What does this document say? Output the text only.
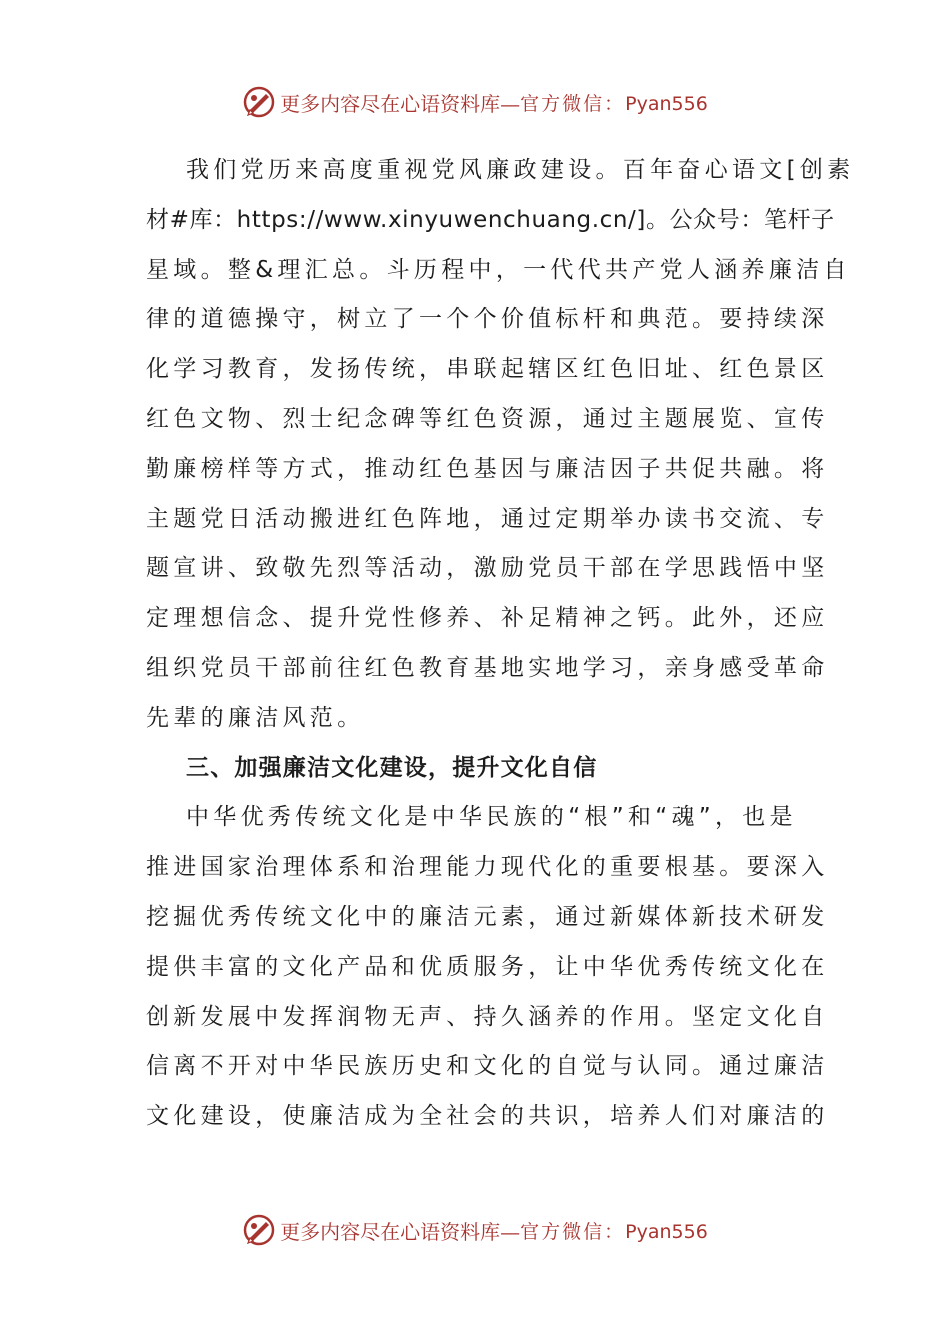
更多内容尽在心语资料库— 官方微信：Pyan556

我们党历来高度重视党风廉政建设。百年奋心语文[创素
材#库：https://www.xinyuwenchuang.cn/]。公众号：笔杆子
星域。整&理汇总。斗历程中，一代代共产党人涵养廉洁自
律的道德操守，树立了一个个价值标杆和典范。要持续深
化学习教育，发扬传统，串联起辖区红色旧址、红色景区
红色文物、烈士纪念碑等红色资源，通过主题展览、宣传
勤廉榜样等方式，推动红色基因与廉洁因子共促共融。将
主题党日活动搬进红色阵地，通过定期举办读书交流、专
题宣讲、致敬先烈等活动，激励党员干部在学思践悟中坚
定理想信念、提升党性修养、补足精神之钙。此外，还应
组织党员干部前往红色教育基地实地学习，亲身感受革命
先辈的廉洁风范。

三、加强廉洁文化建设，提升文化自信

中华优秀传统文化是中华民族的“根”和“魂”，也是
推进国家治理体系和治理能力现代化的重要根基。要深入
挖掘优秀传统文化中的廉洁元素，通过新媒体新技术研发
提供丰富的文化产品和优质服务，让中华优秀传统文化在
创新发展中发挥润物无声、持久涵养的作用。坚定文化自
信离不开对中华民族历史和文化的自觉与认同。通过廉洁
文化建设，使廉洁成为全社会的共识，培养人们对廉洁的

更多内容尽在心语资料库— 官方微信：Pyan556
